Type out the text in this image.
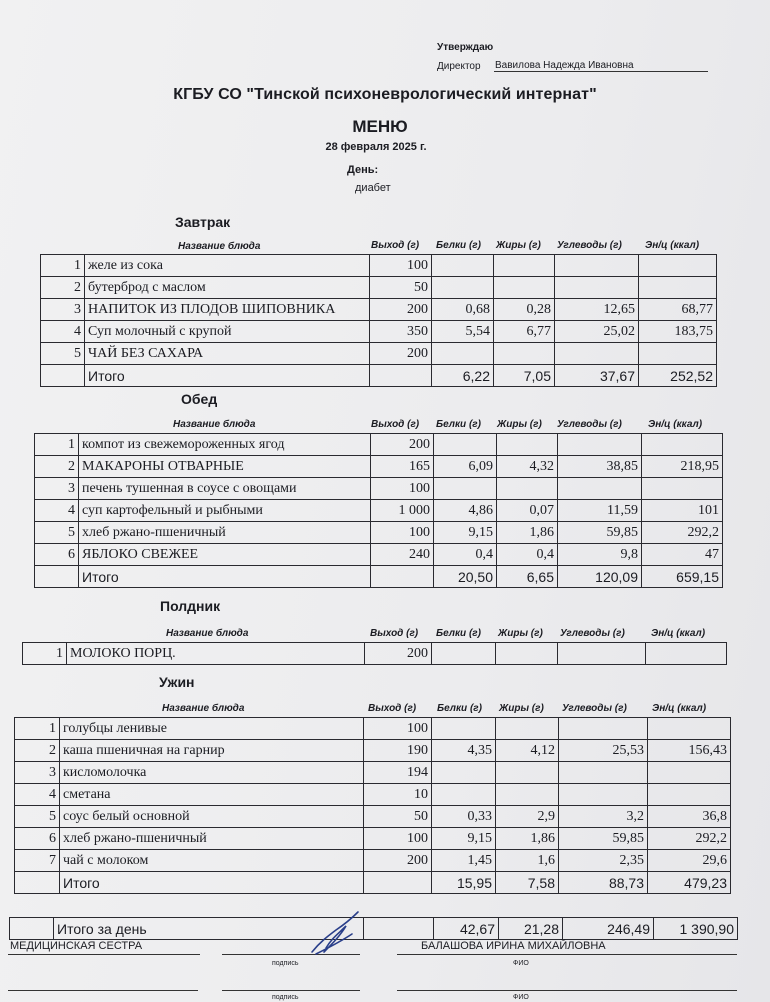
Утверждаю
Директор Вавилова Надежда Ивановна
КГБУ СО "Тинской психоневрологический интернат"
МЕНЮ
28 февраля 2025 г.
День:
диабет
Завтрак
Название блюда	Выход (г) Белки (г) Жиры (г) Углеводы (г) Эн/ц (ккал)
1	желе из сока	100				
2	бутерброд с маслом	50				
3	НАПИТОК ИЗ ПЛОДОВ ШИПОВНИКА	200	0,68	0,28	12,65	68,77
4	Суп молочный с крупой	350	5,54	6,77	25,02	183,75
5	ЧАЙ БЕЗ САХАРА	200				
	Итого		6,22	7,05	37,67	252,52
Обед
Название блюда	Выход (г) Белки (г) Жиры (г) Углеводы (г)	Эн/ц (ккал)
1	компот из свежемороженных ягод	200				
2	МАКАРОНЫ ОТВАРНЫЕ	165	6,09	4,32	38,85	218,95
3	печень тушенная в соусе с овощами	100				
4	суп картофельный и рыбными	1 000	4,86	0,07	11,59	101
5	хлеб ржано-пшеничный	100	9,15	1,86	59,85	292,2
6	ЯБЛОКО СВЕЖЕЕ	240	0,4	0,4	9,8	47
	Итого		20,50	6,65	120,09	659,15
Полдник
Название блюда	Выход (г) Белки (г) Жиры (г) Углеводы (г)	Эн/ц (ккал)
1	МОЛОКО ПОРЦ.	200				
Ужин
Название блюда	Выход (г) Белки (г) Жиры (г) Углеводы (г)	Эн/ц (ккал)
1	голубцы ленивые	100				
2	каша пшеничная на гарнир	190	4,35	4,12	25,53	156,43
3	кисломолочка	194				
4	сметана	10				
5	соус белый основной	50	0,33	2,9	3,2	36,8
6	хлеб ржано-пшеничный	100	9,15	1,86	59,85	292,2
7	чай с молоком	200	1,45	1,6	2,35	29,6
	Итого		15,95	7,58	88,73	479,23
	Итого за день		42,67	21,28	246,49	1 390,90
МЕДИЦИНСКАЯ СЕСТРА	БАЛАШОВА ИРИНА МИХАЙЛОВНА
подпись	ФИО
подпись	ФИО
